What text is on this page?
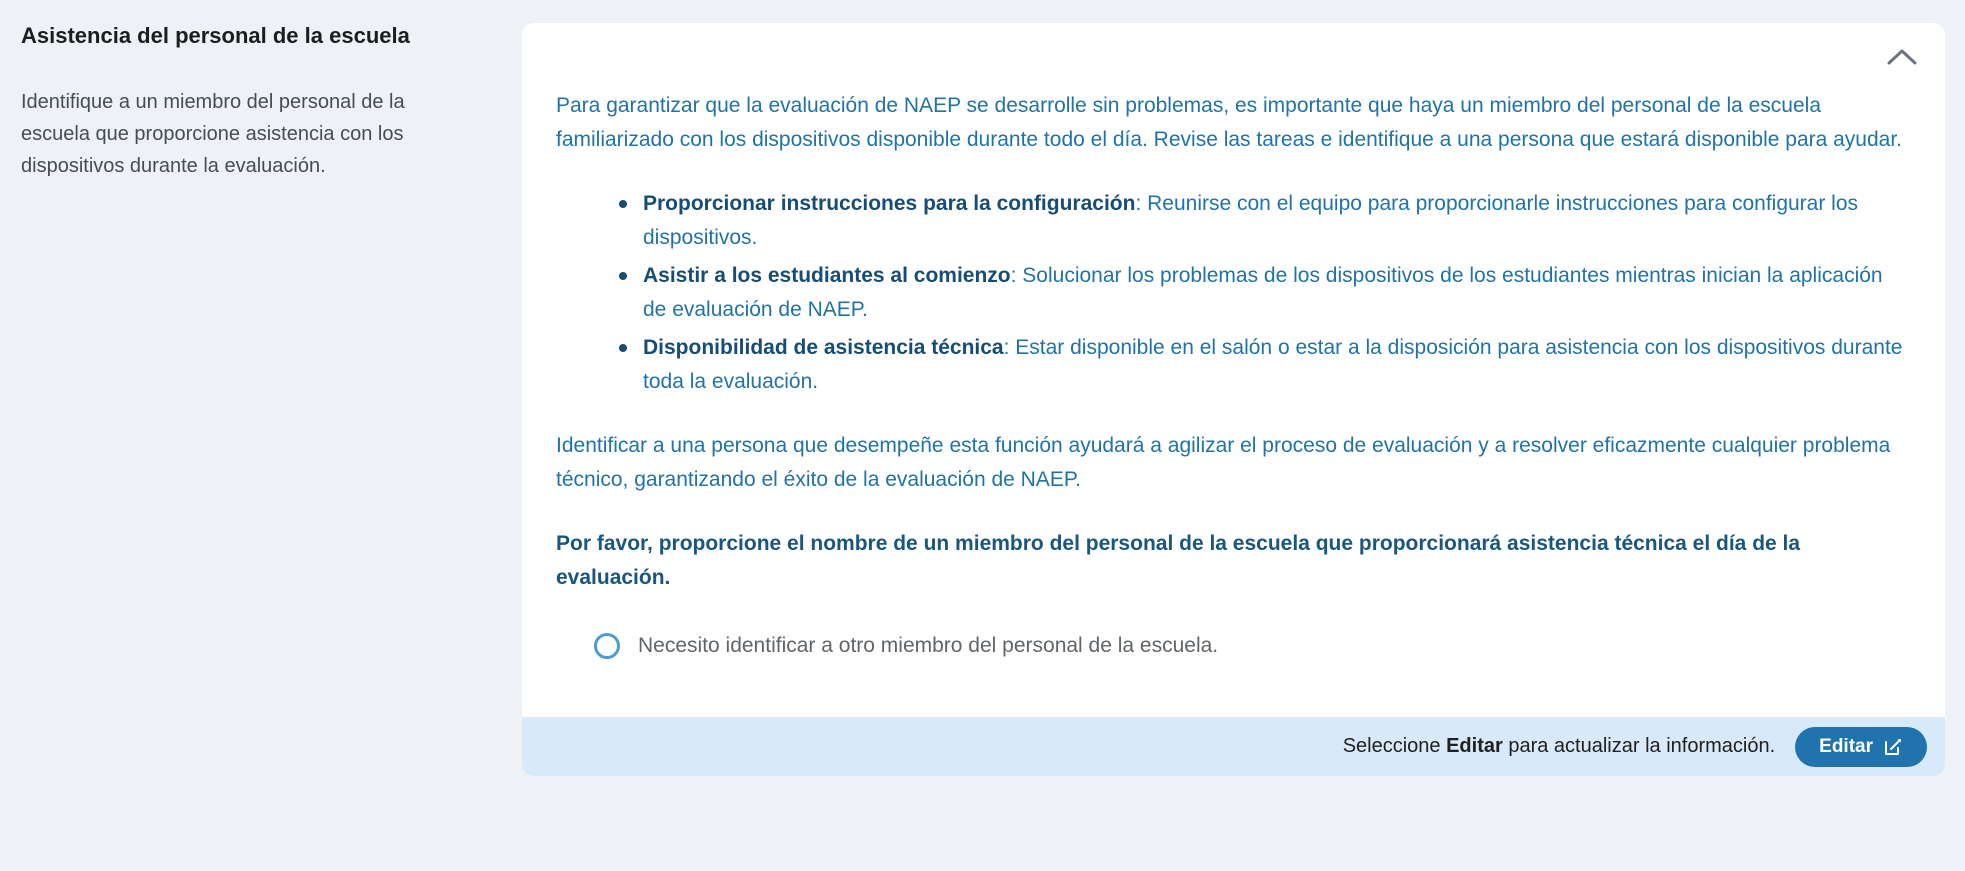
Asistencia del personal de la escuela

Identifique a un miembro del personal de la escuela que proporcione asistencia con los dispositivos durante la evaluación.

Para garantizar que la evaluación de NAEP se desarrolle sin problemas, es importante que haya un miembro del personal de la escuela familiarizado con los dispositivos disponible durante todo el día. Revise las tareas e identifique a una persona que estará disponible para ayudar.

Proporcionar instrucciones para la configuración: Reunirse con el equipo para proporcionarle instrucciones para configurar los dispositivos.
Asistir a los estudiantes al comienzo: Solucionar los problemas de los dispositivos de los estudiantes mientras inician la aplicación de evaluación de NAEP.
Disponibilidad de asistencia técnica: Estar disponible en el salón o estar a la disposición para asistencia con los dispositivos durante toda la evaluación.

Identificar a una persona que desempeñe esta función ayudará a agilizar el proceso de evaluación y a resolver eficazmente cualquier problema técnico, garantizando el éxito de la evaluación de NAEP.

Por favor, proporcione el nombre de un miembro del personal de la escuela que proporcionará asistencia técnica el día de la evaluación.

Necesito identificar a otro miembro del personal de la escuela.
Seleccione Editar para actualizar la información. Editar
